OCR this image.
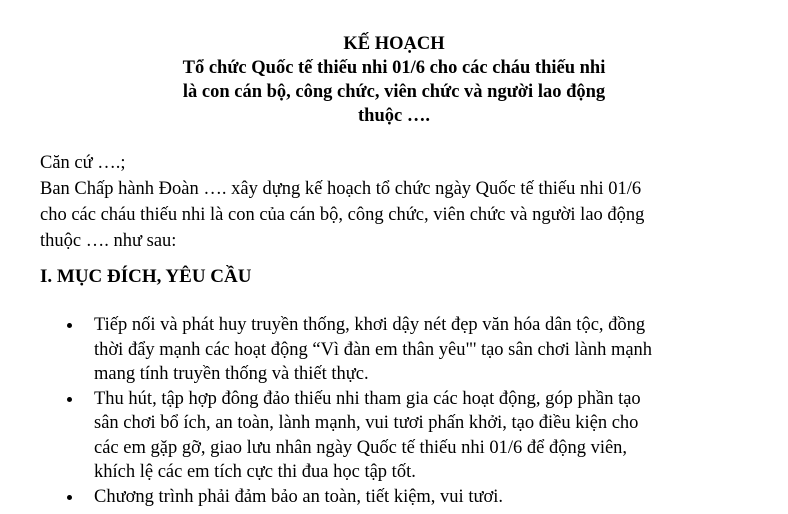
KẾ HOẠCH
Tổ chức Quốc tế thiếu nhi 01/6 cho các cháu thiếu nhi
là con cán bộ, công chức, viên chức và người lao động
thuộc ….
Căn cứ ….;
Ban Chấp hành Đoàn …. xây dựng kế hoạch tổ chức ngày Quốc tế thiếu nhi 01/6
cho các cháu thiếu nhi là con của cán bộ, công chức, viên chức và người lao động
thuộc …. như sau:
I. MỤC ĐÍCH, YÊU CẦU
Tiếp nối và phát huy truyền thống, khơi dậy nét đẹp văn hóa dân tộc, đồng
thời đẩy mạnh các hoạt động “Vì đàn em thân yêu"' tạo sân chơi lành mạnh
mang tính truyền thống và thiết thực.
Thu hút, tập hợp đông đảo thiếu nhi tham gia các hoạt động, góp phần tạo
sân chơi bổ ích, an toàn, lành mạnh, vui tươi phấn khởi, tạo điều kiện cho
các em gặp gỡ, giao lưu nhân ngày Quốc tế thiếu nhi 01/6 để động viên,
khích lệ các em tích cực thi đua học tập tốt.
Chương trình phải đảm bảo an toàn, tiết kiệm, vui tươi.
